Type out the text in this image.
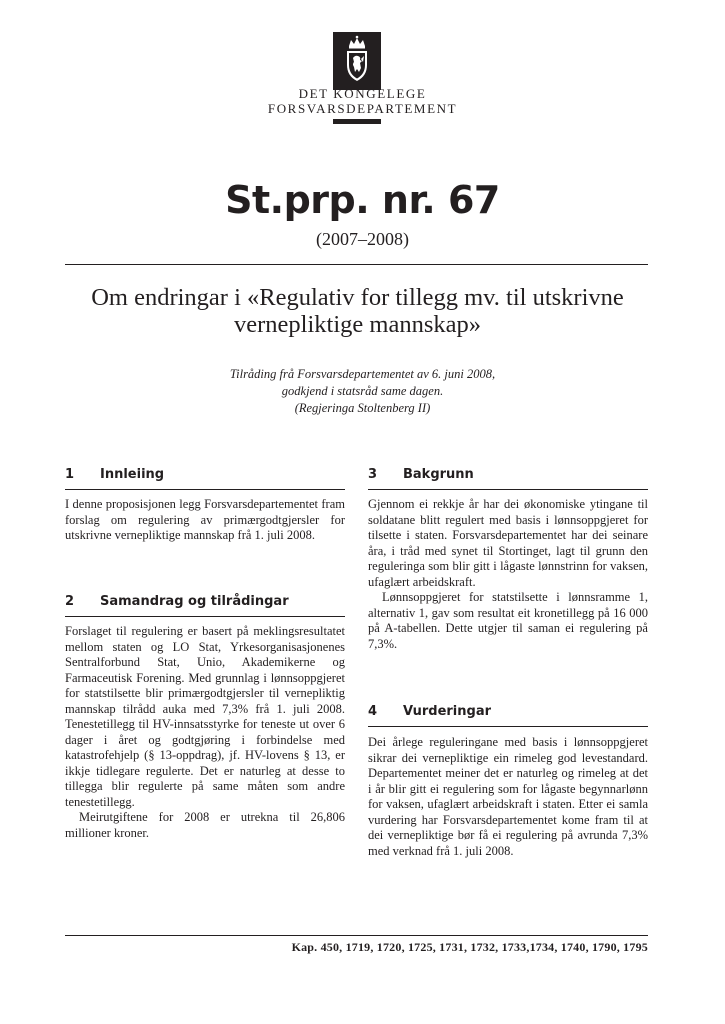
DET KONGELEGE
FORSVARSDEPARTEMENT
St.prp. nr. 67
(2007–2008)
Om endringar i «Regulativ for tillegg mv. til utskrivne vernepliktige mannskap»
Tilråding frå Forsvarsdepartementet av 6. juni 2008,
godkjend i statsråd same dagen.
(Regjeringa Stoltenberg II)
1 Innleiing

I denne proposisjonen legg Forsvarsdepartementet fram forslag om regulering av primærgodtgjersler for utskrivne vernepliktige mannskap frå 1. juli 2008.

2 Samandrag og tilrådingar

Forslaget til regulering er basert på meklingsresultatet mellom staten og LO Stat, Yrkesorganisasjonenes Sentralforbund Stat, Unio, Akademikerne og Farmaceutisk Forening. Med grunnlag i lønnsoppgjeret for statstilsette blir primærgodtgjersler til vernepliktig mannskap tilrådd auka med 7,3% frå 1. juli 2008. Tenestetillegg til HV-innsatsstyrke for teneste ut over 6 dager i året og godtgjøring i forbindelse med katastrofehjelp (§ 13-oppdrag), jf. HV-lovens § 13, er ikkje tidlegare regulerte. Det er naturleg at desse to tillegga blir regulerte på same måten som andre tenestetillegg.

Meirutgiftene for 2008 er utrekna til 26,806 millioner kroner.

3 Bakgrunn

Gjennom ei rekkje år har dei økonomiske ytingane til soldatane blitt regulert med basis i lønnsoppgjeret for tilsette i staten. Forsvarsdepartementet har dei seinare åra, i tråd med synet til Stortinget, lagt til grunn den reguleringa som blir gitt i lågaste lønnstrinn for vaksen, ufaglært arbeidskraft.

Lønnsoppgjeret for statstilsette i lønnsramme 1, alternativ 1, gav som resultat eit kronetillegg på 16 000 på A-tabellen. Dette utgjer til saman ei regulering på 7,3%.

4 Vurderingar

Dei årlege reguleringane med basis i lønnsoppgjeret sikrar dei vernepliktige ein rimeleg god levestandard. Departementet meiner det er naturleg og rimeleg at det i år blir gitt ei regulering som for lågaste begynnarlønn for vaksen, ufaglært arbeidskraft i staten. Etter ei samla vurdering har Forsvarsdepartementet kome fram til at dei vernepliktige bør få ei regulering på avrunda 7,3% med verknad frå 1. juli 2008.

Kap. 450, 1719, 1720, 1725, 1731, 1732, 1733,1734, 1740, 1790, 1795
